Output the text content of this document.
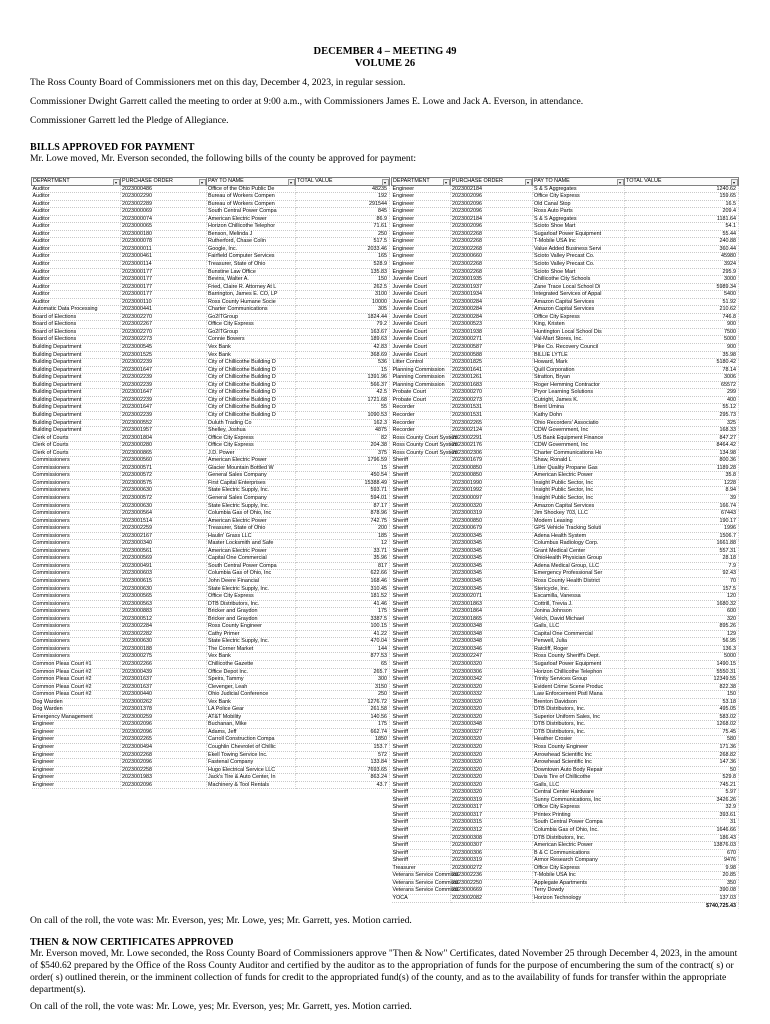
DECEMBER 4 – MEETING 49
VOLUME 26
The Ross County Board of Commissioners met on this day, December 4, 2023, in regular session.
Commissioner Dwight Garrett called the meeting to order at 9:00 a.m., with Commissioners James E. Lowe and Jack A. Everson, in attendance.
Commissioner Garrett led the Pledge of Allegiance.
BILLS APPROVED FOR PAYMENT
Mr. Lowe moved, Mr. Everson seconded, the following bills of the county be approved for payment:
DEPARTMENT ▾	PURCHASE ORDER ▾	PAY TO NAME ▾	TOTAL VALUE ▾

Auditor	2023000486	Office of the Ohio Public De	48235
Auditor	2023002290	Bureau of Workers Compen	192
Auditor	2023002289	Bureau of Workers Compen	291544
Auditor	2023000069	South Central Power Compa	845
Auditor	2023000074	American Electric Power	86.9
Auditor	2023000065	Horizon Chillicothe Telephor	71.61
Auditor	2023000180	Benson, Melinda J	250
Auditor	2023000078	Rutherford, Chase Colin	517.5
Auditor	2023000011	Google, Inc.	2033.46
Auditor	2023000461	Fairfield Computer Services	165
Auditor	2023000114	Treasurer, State of Ohio	528.9
Auditor	2023000177	Bunstine Law Office	135.83
Auditor	2023000177	Bevins, Walter A.	150
Auditor	2023000177	Fried, Claire R. Attorney At L	262.5
Auditor	2023000177	Barrington, James E. CO, LP	3100
Auditor	2023000110	Ross County Humane Socie	10000
Automatic Data Processing	2023000441	Charter Communications	305
Board of Elections	2023002270	Go2ITGroup	1824.44
Board of Elections	2023002267	Office City Express	79.2
Board of Elections	2023002270	Go2ITGroup	163.67
Board of Elections	2023002273	Connie Bowers	189.63
Building Department	2023000545	Vex Bank	42.83
Building Department	2023001525	Vex Bank	368.69
Building Department	2023002239	City of Chillicothe Building D	536
Building Department	2023001647	City of Chillicothe Building D	15
Building Department	2023002239	City of Chillicothe Building D	1391.96
Building Department	2023002239	City of Chillicothe Building D	566.37
Building Department	2023001647	City of Chillicothe Building D	42.5
Building Department	2023002239	City of Chillicothe Building D	1721.68
Building Department	2023001647	City of Chillicothe Building D	55
Building Department	2023002239	City of Chillicothe Building D	1090.53
Building Department	2023000552	Duluth Trading Co	162.3
Building Department	2023001957	Shelley, Joshua	4875
Clerk of Courts	2023001804	Office City Express	82
Clerk of Courts	2023000280	Office City Express	204.38
Clerk of Courts	2023000865	J.D. Power	375
Commissioners	2023000560	American Electric Power	1796.59
Commissioners	2023000571	Glacier Mountain Bottled W	15
Commissioners	2023000572	General Sales Company	450.54
Commissioners	2023000575	First Capital Enterprises	15388.49
Commissioners	2023000630	State Electric Supply, Inc.	593.71
Commissioners	2023000572	General Sales Company	594.01
Commissioners	2023000630	State Electric Supply, Inc.	87.17
Commissioners	2023000564	Columbia Gas of Ohio, Inc	878.96
Commissioners	2023001514	American Electric Power	742.75
Commissioners	2023002259	Treasurer, State of Ohio	200
Commissioners	2023002167	Haulin' Grass LLC	185
Commissioners	2023000340	Master Locksmith and Safe	12
Commissioners	2023000561	American Electric Power	33.71
Commissioners	2023000569	Capital One Commercial	35.96
Commissioners	2023000491	South Central Power Compa	817
Commissioners	2023000603	Columbia Gas of Ohio, Inc	622.66
Commissioners	2023000615	John Deere Financial	168.46
Commissioners	2023000630	State Electric Supply, Inc.	310.45
Commissioners	2023000565	Office City Express	181.52
Commissioners	2023000563	DTB Distributors, Inc.	41.46
Commissioners	2023000883	Bricker and Graydon	175
Commissioners	2023000512	Bricker and Graydon	3387.5
Commissioners	2023002284	Ross County Engineer	100.15
Commissioners	2023002282	Cathy Primer	41.22
Commissioners	2023000630	State Electric Supply, Inc.	470.04
Commissioners	2023000188	The Corner Market	144
Commissioners	2023000275	Vex Bank	877.53
Common Pleas Court #1	2023002266	Chillicothe Gazette	65
Common Pleas Court #2	2023000439	Office Depot Inc.	265.7
Common Pleas Court #2	2023001637	Speirs, Tammy	300
Common Pleas Court #2	2023001637	Clevenger, Leah	3150
Common Pleas Court #2	2023000440	Ohio Judicial Conference	250
Dog Warden	2023000262	Vex Bank	1276.72
Dog Warden	2023001378	LA Police Gear	261.58
Emergency Management	2023000259	AT&T Mobility	140.56
Engineer	2023002096	Buchanan, Mike	175
Engineer	2023002096	Adams, Jeff	662.74
Engineer	2023002265	Carroll Construction Compa	1850
Engineer	2023000494	Coughlin Chevrolet of Chillic	153.7
Engineer	2023002268	Ekell Towing Service Inc.	572
Engineer	2023002096	Fastenal Company	133.84
Engineer	2023002258	Hugo Electrical Service LLC	7693.65
Engineer	2023001983	Jack's Tire & Auto Center, In	863.24
Engineer	2023002096	Machinery & Tool Rentals	43.7
DEPARTMENT ▾	PURCHASE ORDER ▾	PAY TO NAME ▾	TOTAL VALUE ▾

Engineer	2023002184	S & S Aggregates	1240.62
Engineer	2023002096	Office City Express	159.65
Engineer	2023002096	Old Canal Stop	16.5
Engineer	2023002096	Ross Auto Parts	209.4
Engineer	2023002184	S & S Aggregates	1181.64
Engineer	2023002096	Scioto Shoe Mart	54.1
Engineer	2023002268	Sugarloaf Power Equipment	55.44
Engineer	2023002268	T-Mobile USA Inc	240.88
Engineer	2023002268	Value Added Business Servi	360.44
Engineer	2023000660	Scioto Valley Precast Co.	45980
Engineer	2023002268	Scioto Valley Precast Co.	3924
Engineer	2023002268	Scioto Shoe Mart	295.9
Juvenile Court	2023001935	Chillicothe City Schools	3000
Juvenile Court	2023001937	Zane Trace Local School Di	5989.34
Juvenile Court	2023001934	Integrated Services of Appal	5400
Juvenile Court	2023000284	Amazon Capital Services	51.92
Juvenile Court	2023000284	Amazon Capital Services	210.62
Juvenile Court	2023000284	Office City Express	746.8
Juvenile Court	2023000523	King, Kristen	900
Juvenile Court	2023001938	Huntington Local School Dis	7500
Juvenile Court	2023000271	Val-Mart Stores, Inc.	5000
Juvenile Court	2023000587	Pike Co. Recovery Council	900
Juvenile Court	2023000588	BILLIE LYTLE	35.98
Litter Control	2023001825	Howard, Mark	5180.42
Planning Commission	2023001641	Quill Corporation	78.14
Planning Commission	2023001261	Stratton, Bryan	3006
Planning Commission	2023001683	Roger Hemming Contractor	65572
Probate Court	2023000270	Pryor Learning Solutions	299
Probate Court	2023000273	Cutright, James K.	400
Recorder	2023001531	Brent Umina	55.12
Recorder	2023001531	Kathy Dohn	295.73
Recorder	2023002265	Ohio Recorders' Associatio	325
Recorder	2023002124	CDW Government, Inc	168.33
Ross County Court System	2023002291	US Bank Equipment Finance	847.27
Ross County Court System	2023002176	CDW Government, Inc	8464.42
Ross County Court System	2023002306	Charter Communications Ho	134.98
Sheriff	2023001679	Shaw, Ronald L	800.36
Sheriff	2023000850	Litter Quality Propane Gas	1189.28
Sheriff	2023000850	American Electric Power	35.8
Sheriff	2023001990	Insight Public Sector, Inc	1228
Sheriff	2023001992	Insight Public Sector, Inc	8.94
Sheriff	2023000097	Insight Public Sector, Inc	39
Sheriff	2023000320	Amazon Capital Services	166.74
Sheriff	2023000319	Jim Shockey 703, LLC	67443
Sheriff	2023000850	Modern Leasing	190.17
Sheriff	2023000679	GPS Vehicle Tracking Soluti	1996
Sheriff	2023000345	Adena Health System	1506.7
Sheriff	2023000345	Columbus Radiology Corp.	1661.88
Sheriff	2023000345	Grant Medical Center	557.31
Sheriff	2023000345	OhioHealth Physician Group	28.18
Sheriff	2023000345	Adena Medical Group, LLC	7.9
Sheriff	2023000345	Emergency Professional Ser	92.43
Sheriff	2023000345	Ross County Health District	70
Sheriff	2023000345	Stericycle, Inc.	157.5
Sheriff	2023002071	Escamilla, Vanessa	120
Sheriff	2023001863	Cottrill, Trevia J.	1680.32
Sheriff	2023001864	Jonina Johnson	600
Sheriff	2023001865	Velch, David Michael	320
Sheriff	2023000348	Galls, LLC	895.26
Sheriff	2023000348	Capital One Commercial	129
Sheriff	2023000348	Penwell, Julia	56.95
Sheriff	2023000346	Ratcliff, Roger	136.3
Sheriff	2023002247	Ross County Sheriff's Dept.	5000
Sheriff	2023000320	Sugarloaf Power Equipment	1490.15
Sheriff	2023000306	Horizon Chillicothe Telephon	5550.31
Sheriff	2023000342	Trinity Services Group	12349.55
Sheriff	2023000320	Evident Crime Scene Produc	822.38
Sheriff	2023000332	Law Enforcement Pistl Mana	150
Sheriff	2023000320	Brenton Davidson	53.18
Sheriff	2023000320	DTB Distributors, Inc.	495.05
Sheriff	2023000320	Superior Uniform Sales, Inc	583.02
Sheriff	2023000348	DTB Distributors, Inc.	1268.02
Sheriff	2023000327	DTB Distributors, Inc.	75.45
Sheriff	2023000320	Heather Crosier	580
Sheriff	2023000320	Ross County Engineer	171.36
Sheriff	2023000320	Arrowhead Scientific Inc	268.82
Sheriff	2023000320	Arrowhead Scientific Inc	147.36
Sheriff	2023000320	Downtown Auto Body Repair	50
Sheriff	2023000320	Davis Tire of Chillicothe	529.8
Sheriff	2023000320	Galls, LLC	745.21
Sheriff	2023000320	Central Center Hardware	5.97
Sheriff	2023000319	Sunny Communications, Inc	3426.26
Sheriff	2023000317	Office City Express	32.9
Sheriff	2023000317	Printex Printing	393.61
Sheriff	2023000315	South Central Power Compa	31
Sheriff	2023000312	Columbia Gas of Ohio, Inc.	1646.66
Sheriff	2023000308	DTB Distributors, Inc.	186.43
Sheriff	2023000307	American Electric Power	13876.03
Sheriff	2023000306	B & C Communications	670
Sheriff	2023000319	Armor Research Company	9476
Treasurer	2023000272	Office City Express	9.98
Veterans Service Commissi	2023002236	T-Mobile USA Inc	20.85
Veterans Service Commissi	2023002250	Applegate Apartments	350
Veterans Service Commissi	2023000669	Terry Dowdy	390.08
YOCA	2023002082	Horizon Technology	137.03
			$740,725.43
On call of the roll, the vote was: Mr. Everson, yes; Mr. Lowe, yes; Mr. Garrett, yes. Motion carried.
THEN & NOW CERTIFICATES APPROVED
Mr. Everson moved, Mr. Lowe seconded, the Ross County Board of Commissioners approve "Then & Now" Certificates, dated November 25 through December 4, 2023, in the amount of $540.62 prepared by the Office of the Ross County Auditor and certified by the auditor as to the appropriation of funds for the purpose of encumbering the sum of the contract( s) or order( s) outlined therein, or the imminent collection of funds for credit to the appropriated fund(s) of the county, and as to the availability of funds for transfer within the appropriate department(s).
On call of the roll, the vote was: Mr. Lowe, yes; Mr. Everson, yes; Mr. Garrett, yes. Motion carried.
